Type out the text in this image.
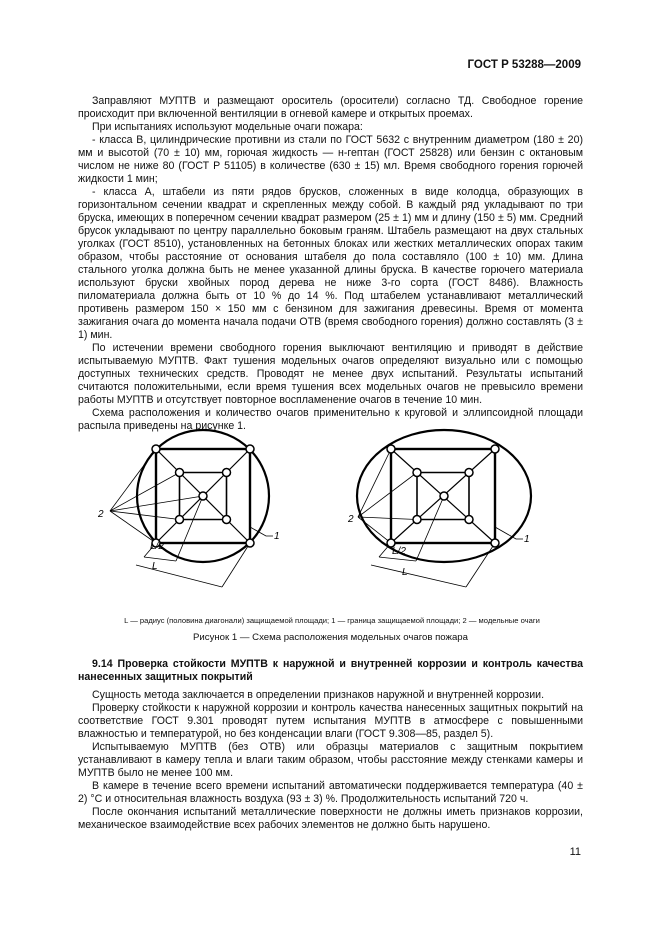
ГОСТ Р 53288—2009

Заправляют МУПТВ и размещают ороситель (оросители) согласно ТД. Свободное горение происходит при включенной вентиляции в огневой камере и открытых проемах.

При испытаниях используют модельные очаги пожара:

- класса В, цилиндрические противни из стали по ГОСТ 5632 с внутренним диаметром (180 ± 20) мм и высотой (70 ± 10) мм, горючая жидкость — н-гептан (ГОСТ 25828) или бензин с октановым числом не ниже 80 (ГОСТ Р 51105) в количестве (630 ± 15) мл. Время свободного горения горючей жидкости 1 мин;

- класса А, штабели из пяти рядов брусков, сложенных в виде колодца, образующих в горизонтальном сечении квадрат и скрепленных между собой. В каждый ряд укладывают по три бруска, имеющих в поперечном сечении квадрат размером (25 ± 1) мм и длину (150 ± 5) мм. Средний брусок укладывают по центру параллельно боковым граням. Штабель размещают на двух стальных уголках (ГОСТ 8510), установленных на бетонных блоках или жестких металлических опорах таким образом, чтобы расстояние от основания штабеля до пола составляло (100 ± 10) мм. Длина стального уголка должна быть не менее указанной длины бруска. В качестве горючего материала используют бруски хвойных пород дерева не ниже 3-го сорта (ГОСТ 8486). Влажность пиломатериала должна быть от 10 % до 14 %. Под штабелем устанавливают металлический противень размером 150 × 150 мм с бензином для зажигания древесины. Время от момента зажигания очага до момента начала подачи ОТВ (время свободного горения) должно составлять (3 ± 1) мин.

По истечении времени свободного горения выключают вентиляцию и приводят в действие испытываемую МУПТВ. Факт тушения модельных очагов определяют визуально или с помощью доступных технических средств. Проводят не менее двух испытаний. Результаты испытаний считаются положительными, если время тушения всех модельных очагов не превысило времени работы МУПТВ и отсутствует повторное воспламенение очагов в течение 10 мин.

Схема расположения и количество очагов применительно к круговой и эллипсоидной площади распыла приведены на рисунке 1.

2
1
L/2
L
2
1
L/2
L
L — радиус (половина диагонали) защищаемой площади; 1 — граница защищаемой площади; 2 — модельные очаги
Рисунок 1 — Схема расположения модельных очагов пожара
9.14 Проверка стойкости МУПТВ к наружной и внутренней коррозии и контроль качества нанесенных защитных покрытий

Сущность метода заключается в определении признаков наружной и внутренней коррозии.

Проверку стойкости к наружной коррозии и контроль качества нанесенных защитных покрытий на соответствие ГОСТ 9.301 проводят путем испытания МУПТВ в атмосфере с повышенными влажностью и температурой, но без конденсации влаги (ГОСТ 9.308—85, раздел 5).

Испытываемую МУПТВ (без ОТВ) или образцы материалов с защитным покрытием устанавливают в камеру тепла и влаги таким образом, чтобы расстояние между стенками камеры и МУПТВ было не менее 100 мм.

В камере в течение всего времени испытаний автоматически поддерживается температура (40 ± 2) °С и относительная влажность воздуха (93 ± 3) %. Продолжительность испытаний 720 ч.

После окончания испытаний металлические поверхности не должны иметь признаков коррозии, механическое взаимодействие всех рабочих элементов не должно быть нарушено.

11
